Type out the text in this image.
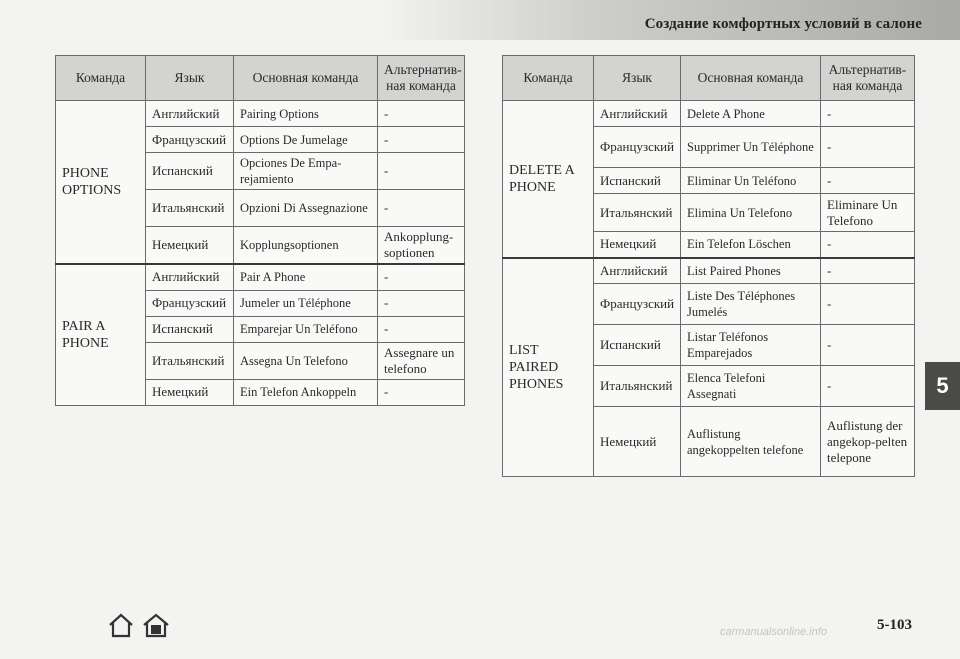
Создание комфортных условий в салоне
Команда	Язык	Основная команда	Альтернатив-ная команда
PHONE OPTIONS	Английский	Pairing Options	-
	Французский	Options De Jumelage	-
	Испанский	Opciones De Empa-rejamiento	-
	Итальянский	Opzioni Di Assegnazione	-
	Немецкий	Kopplungsoptionen	Ankopplung-soptionen
PAIR A PHONE	Английский	Pair A Phone	-
	Французский	Jumeler un Téléphone	-
	Испанский	Emparejar Un Teléfono	-
	Итальянский	Assegna Un Telefono	Assegnare un telefono
	Немецкий	Ein Telefon Ankoppeln	-
Команда	Язык	Основная команда	Альтернатив-ная команда
DELETE A PHONE	Английский	Delete A Phone	-
	Французский	Supprimer Un Téléphone	-
	Испанский	Eliminar Un Teléfono	-
	Итальянский	Elimina Un Telefono	Eliminare Un Telefono
	Немецкий	Ein Telefon Löschen	-
LIST PAIRED PHONES	Английский	List Paired Phones	-
	Французский	Liste Des Téléphones Jumelés	-
	Испанский	Listar Teléfonos Emparejados	-
	Итальянский	Elenca Telefoni Assegnati	-
	Немецкий	Auflistung angekoppelten telefone	Auflistung der angekop-pelten telepone
5
5-103
carmanualsonline.info
